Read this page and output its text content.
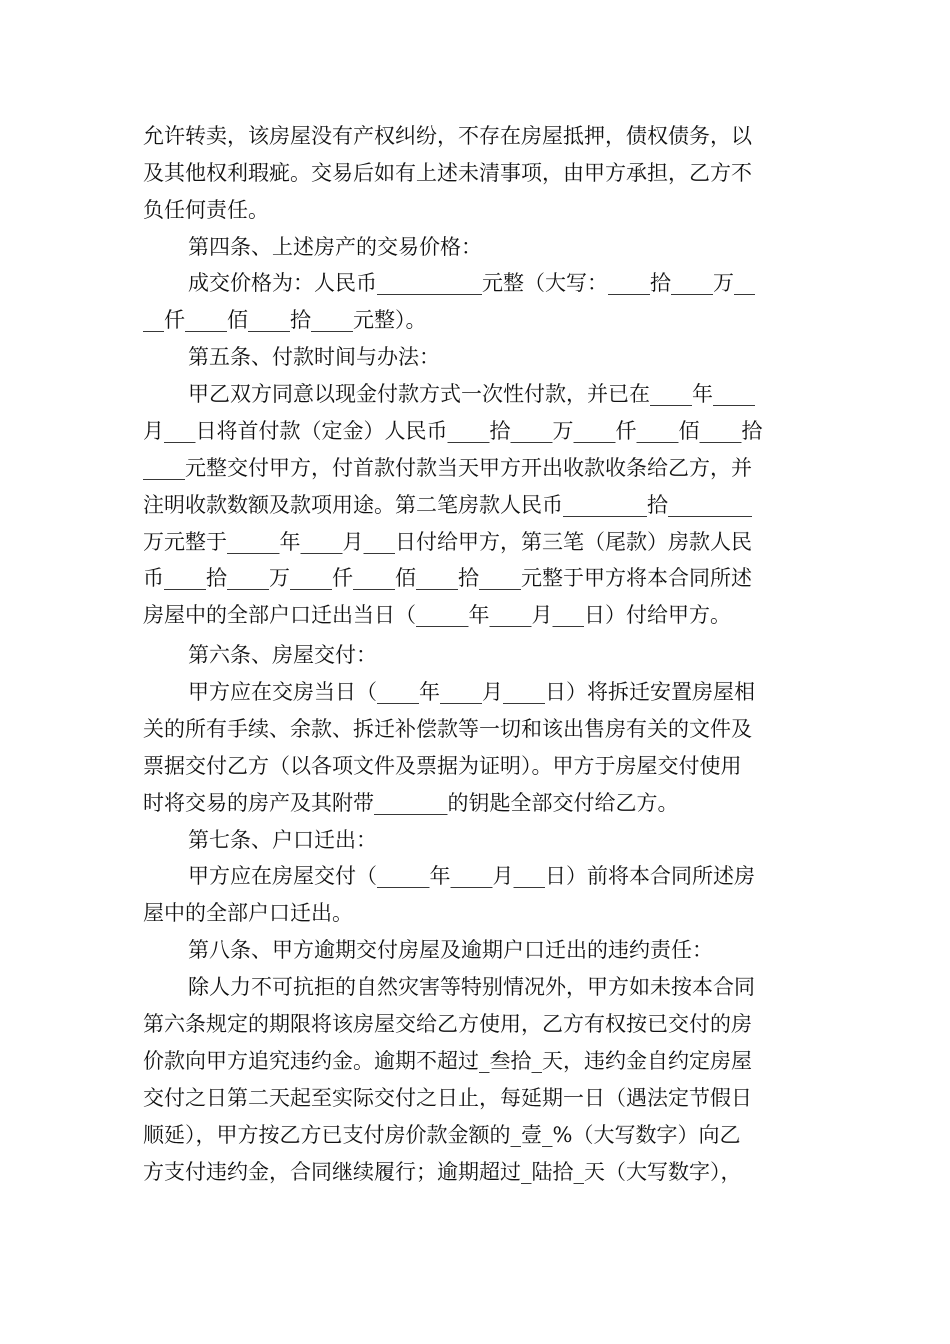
允许转卖，该房屋没有产权纠纷，不存在房屋抵押，债权债务，以
及其他权利瑕疵。交易后如有上述未清事项，由甲方承担，乙方不
负任何责任。
第四条、上述房产的交易价格：
成交价格为：人民币__________元整（大写：____拾____万__
__仟____佰____拾____元整）。
第五条、付款时间与办法：
甲乙双方同意以现金付款方式一次性付款，并已在____年____
月___日将首付款（定金）人民币____拾____万____仟____佰____拾
____元整交付甲方，付首款付款当天甲方开出收款收条给乙方，并
注明收款数额及款项用途。第二笔房款人民币________拾________
万元整于_____年____月___日付给甲方，第三笔（尾款）房款人民
币____拾____万____仟____佰____拾____元整于甲方将本合同所述
房屋中的全部户口迁出当日（_____年____月___日）付给甲方。
第六条、房屋交付：
甲方应在交房当日（____年____月____日）将拆迁安置房屋相
关的所有手续、余款、拆迁补偿款等一切和该出售房有关的文件及
票据交付乙方（以各项文件及票据为证明）。甲方于房屋交付使用
时将交易的房产及其附带_______的钥匙全部交付给乙方。
第七条、户口迁出：
甲方应在房屋交付（_____年____月___日）前将本合同所述房
屋中的全部户口迁出。
第八条、甲方逾期交付房屋及逾期户口迁出的违约责任：
除人力不可抗拒的自然灾害等特别情况外，甲方如未按本合同
第六条规定的期限将该房屋交给乙方使用，乙方有权按已交付的房
价款向甲方追究违约金。逾期不超过_叁拾_天，违约金自约定房屋
交付之日第二天起至实际交付之日止，每延期一日（遇法定节假日
顺延），甲方按乙方已支付房价款金额的_壹_%（大写数字）向乙
方支付违约金，合同继续履行；逾期超过_陆拾_天（大写数字），
